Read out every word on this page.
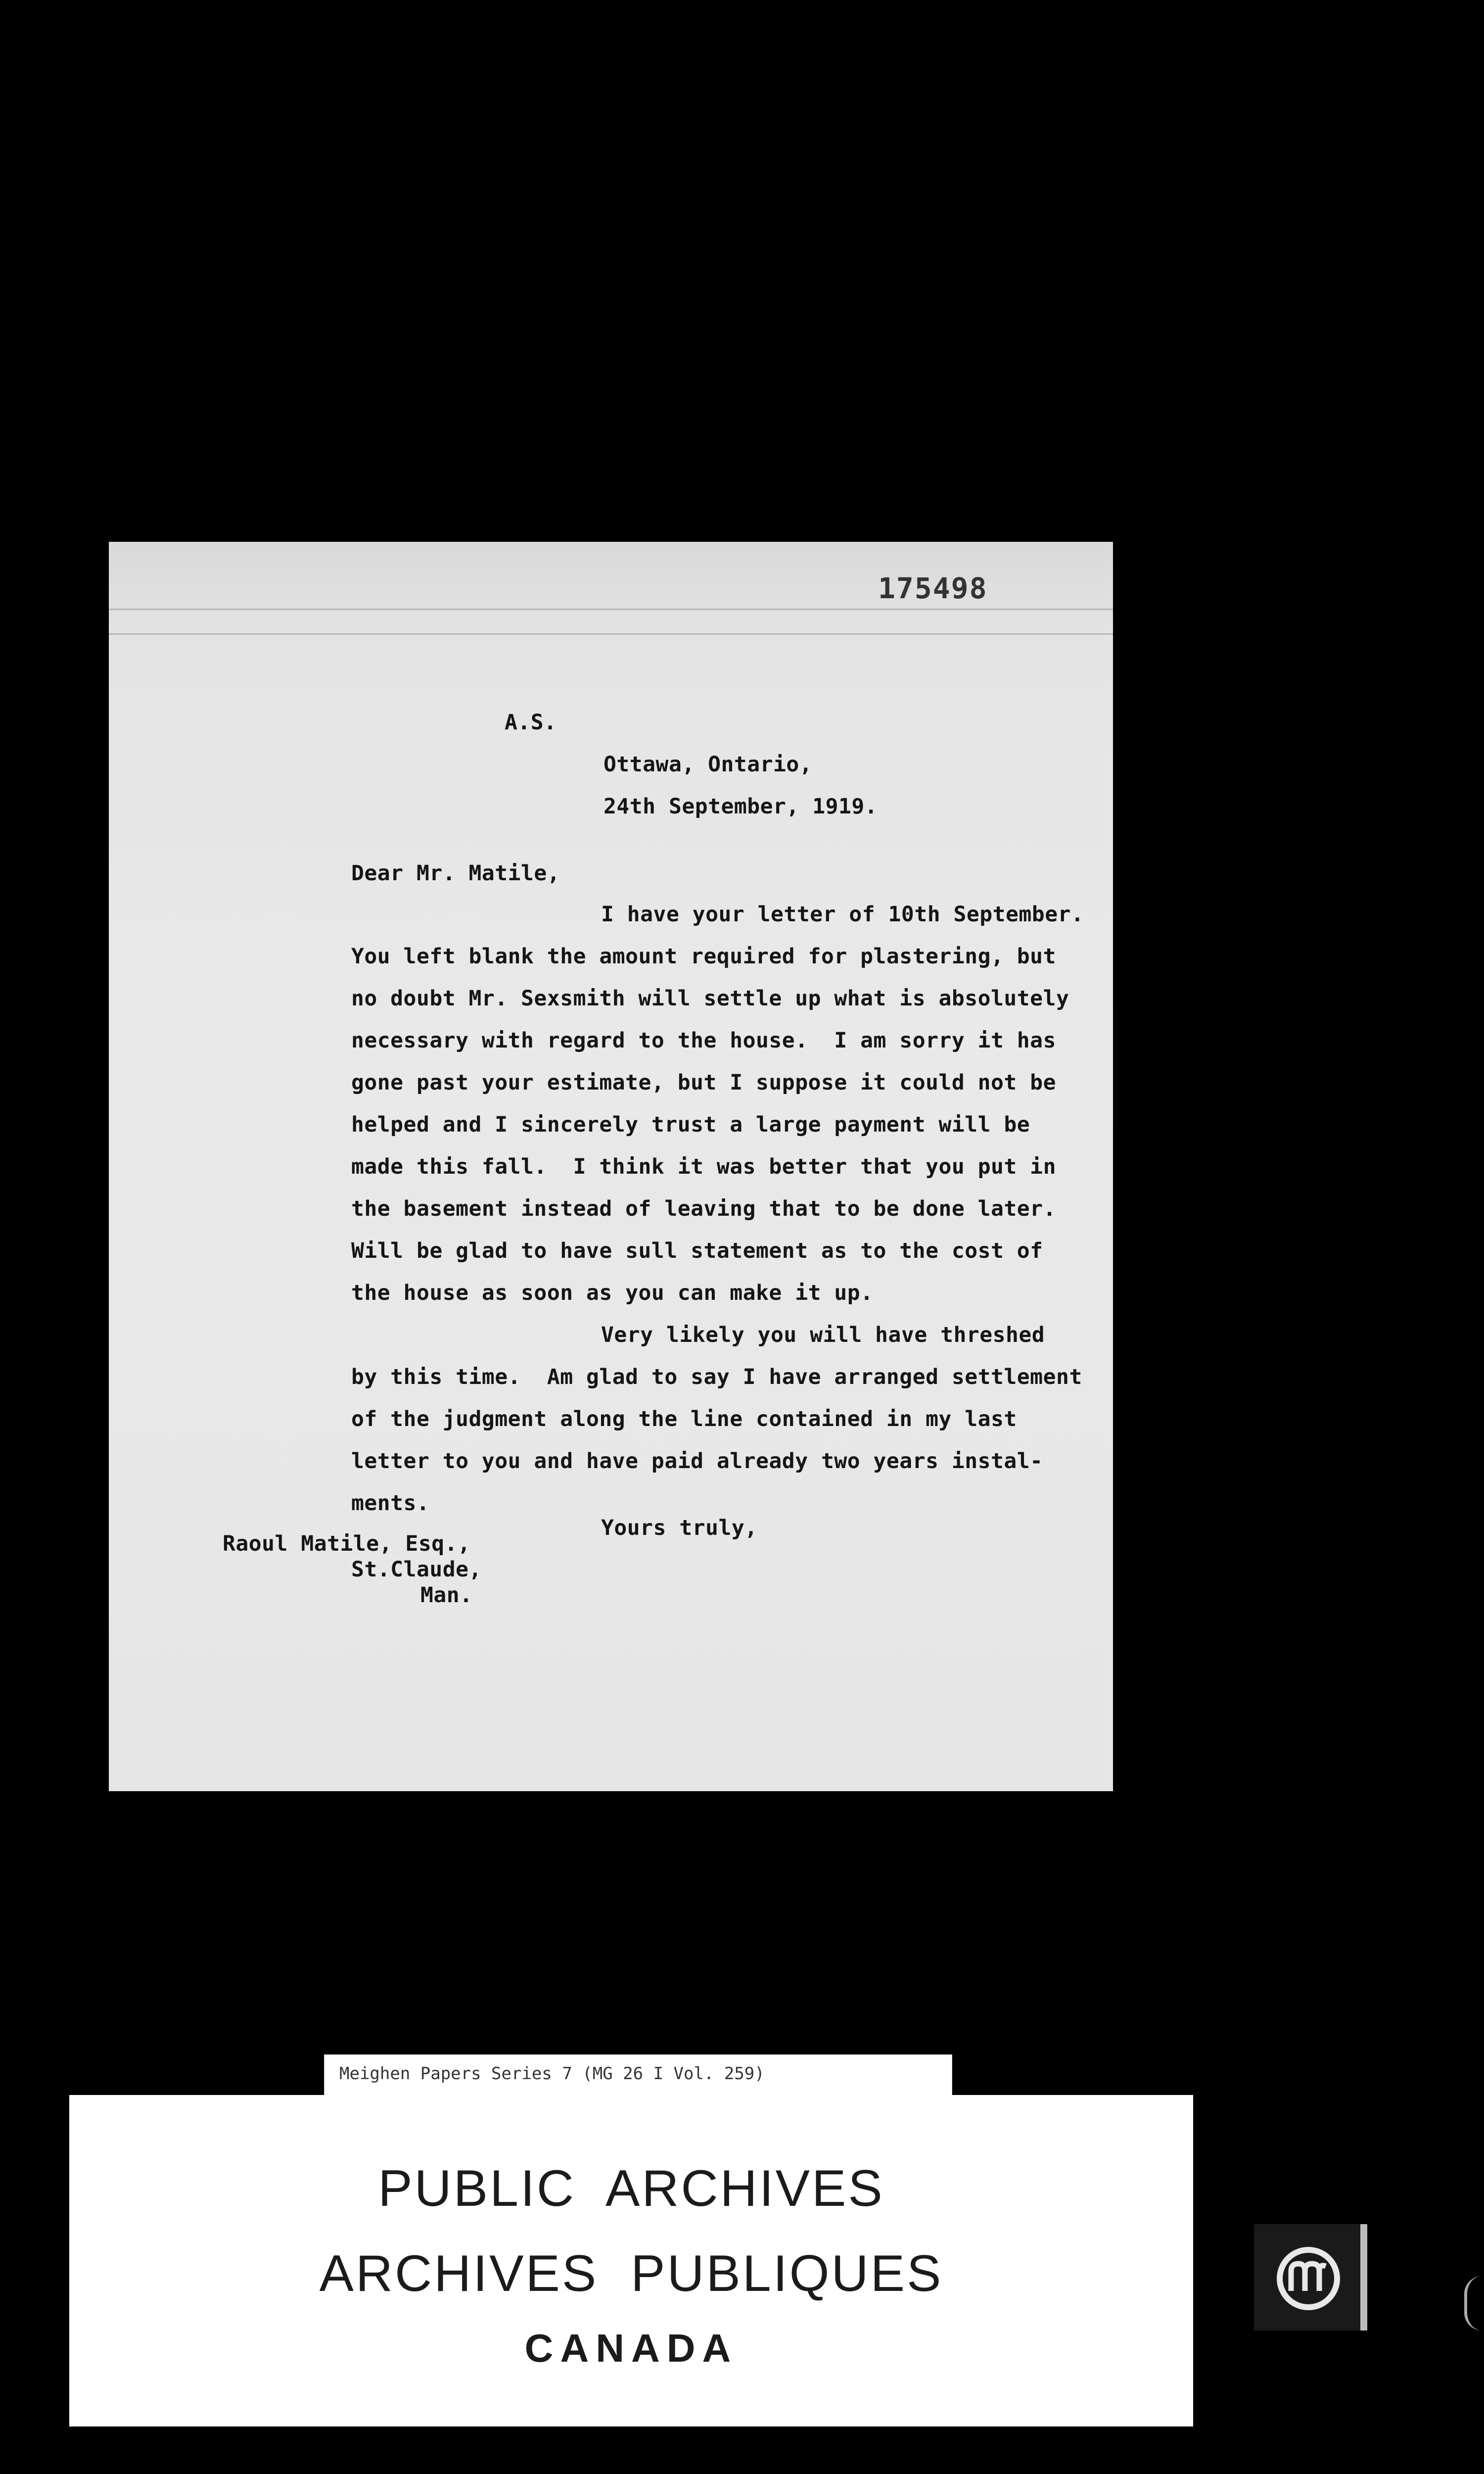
175498
A.S.
Ottawa, Ontario,
24th September, 1919.
Dear Mr. Matile,
I have your letter of 10th September.
You left blank the amount required for plastering, but
no doubt Mr. Sexsmith will settle up what is absolutely
necessary with regard to the house.  I am sorry it has
gone past your estimate, but I suppose it could not be
helped and I sincerely trust a large payment will be
made this fall.  I think it was better that you put in
the basement instead of leaving that to be done later.
Will be glad to have sull statement as to the cost of
the house as soon as you can make it up.
Very likely you will have threshed
by this time.  Am glad to say I have arranged settlement
of the judgment along the line contained in my last
letter to you and have paid already two years instal-
ments.
Yours truly,
Raoul Matile, Esq.,
St.Claude,
Man.
Meighen Papers Series 7 (MG 26 I Vol. 259)
PUBLIC  ARCHIVES
ARCHIVES  PUBLIQUES
CANADA
